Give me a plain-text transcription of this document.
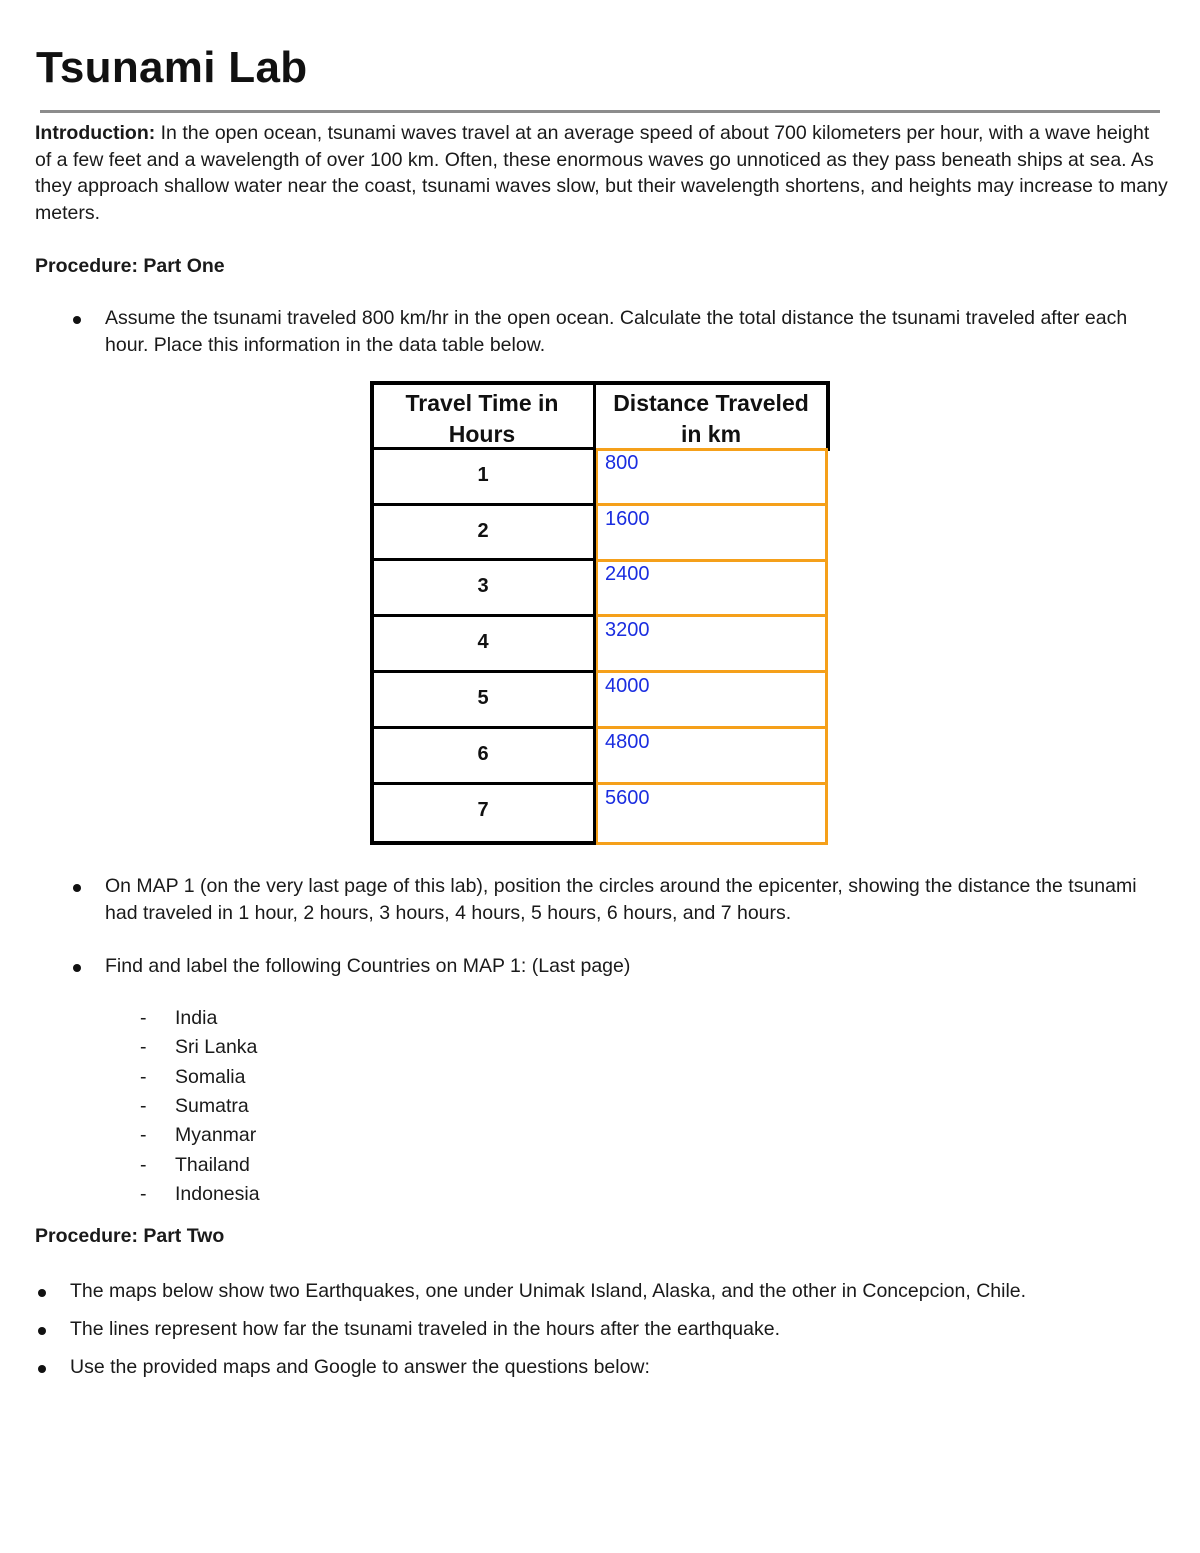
Tsunami Lab
Introduction: In the open ocean, tsunami waves travel at an average speed of about 700 kilometers per hour, with a wave height of a few feet and a wavelength of over 100 km. Often, these enormous waves go unnoticed as they pass beneath ships at sea. As they approach shallow water near the coast, tsunami waves slow, but their wavelength shortens, and heights may increase to many meters.
Procedure: Part One
Assume the tsunami traveled 800 km/hr in the open ocean. Calculate the total distance the tsunami traveled after each hour. Place this information in the data table below.
Travel Time in Hours
Distance Traveled in km
1
800
2
1600
3
2400
4
3200
5
4000
6
4800
7
5600
On MAP 1 (on the very last page of this lab), position the circles around the epicenter, showing the distance the tsunami had traveled in 1 hour, 2 hours, 3 hours, 4 hours, 5 hours, 6 hours, and 7 hours.
Find and label the following Countries on MAP 1: (Last page)
- India
- Sri Lanka
- Somalia
- Sumatra
- Myanmar
- Thailand
- Indonesia
Procedure: Part Two
The maps below show two Earthquakes, one under Unimak Island, Alaska, and the other in Concepcion, Chile.
The lines represent how far the tsunami traveled in the hours after the earthquake.
Use the provided maps and Google to answer the questions below:
